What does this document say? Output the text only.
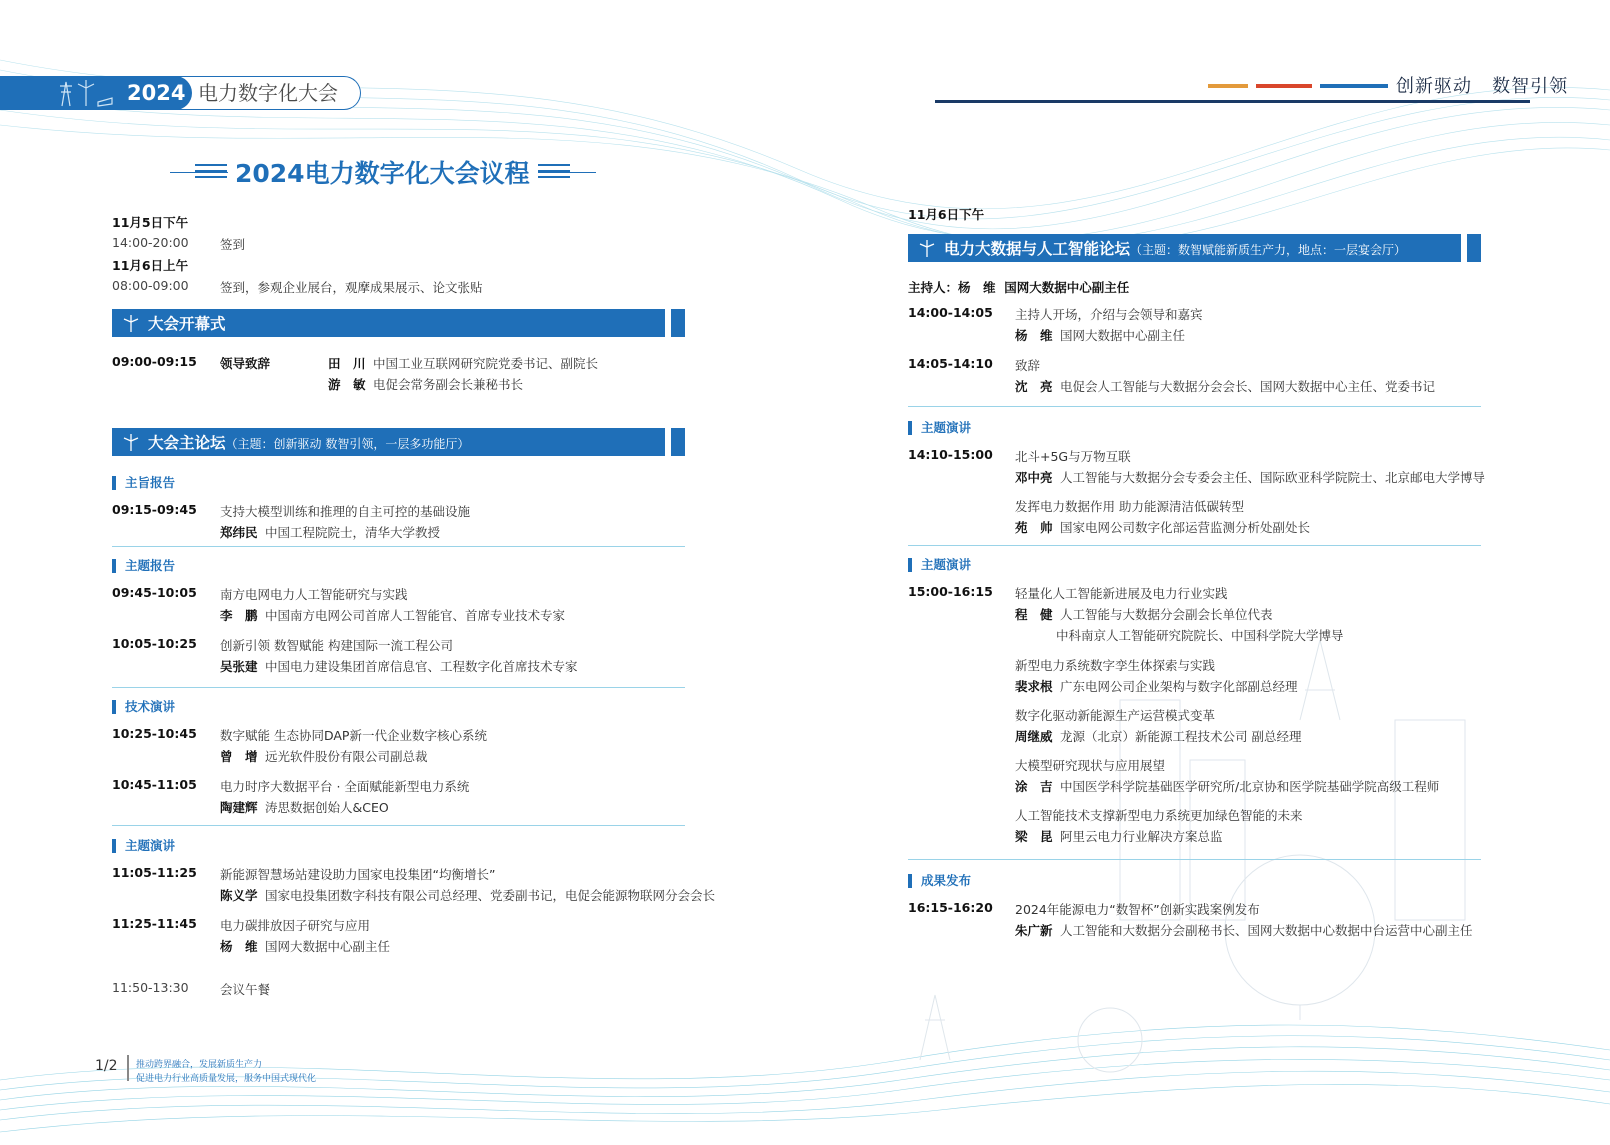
2024 电力数字化大会	创新驱动   数智引领
2024电力数字化大会议程
11月5日下午
14:00-20:00	签到
11月6日上午
08:00-09:00	签到，参观企业展台，观摩成果展示、论文张贴
大会开幕式
09:00-09:15 领导致辞	田　川 中国工业互联网研究院党委书记、副院长
游　敏 电促会常务副会长兼秘书长
大会主论坛（主题：创新驱动 数智引领，一层多功能厅）
主旨报告
09:15-09:45 支持大模型训练和推理的自主可控的基础设施
郑纬民 中国工程院院士，清华大学教授
主题报告
09:45-10:05 南方电网电力人工智能研究与实践
李　鹏 中国南方电网公司首席人工智能官、首席专业技术专家
10:05-10:25 创新引领 数智赋能 构建国际一流工程公司
吴张建 中国电力建设集团首席信息官、工程数字化首席技术专家
技术演讲
10:25-10:45 数字赋能 生态协同DAP新一代企业数字核心系统
曾　增 远光软件股份有限公司副总裁
10:45-11:05 电力时序大数据平台 · 全面赋能新型电力系统
陶建辉 涛思数据创始人&CEO
主题演讲
11:05-11:25 新能源智慧场站建设助力国家电投集团“均衡增长”
陈义学 国家电投集团数字科技有限公司总经理、党委副书记，电促会能源物联网分会会长
11:25-11:45 电力碳排放因子研究与应用
杨　维 国网大数据中心副主任
11:50-13:30	会议午餐
11月6日下午
电力大数据与人工智能论坛（主题：数智赋能新质生产力，地点：一层宴会厅）
主持人：杨　维  国网大数据中心副主任
14:00-14:05 主持人开场，介绍与会领导和嘉宾
杨　维 国网大数据中心副主任
14:05-14:10 致辞
沈　亮 电促会人工智能与大数据分会会长、国网大数据中心主任、党委书记
主题演讲
14:10-15:00 北斗+5G与万物互联
邓中亮 人工智能与大数据分会专委会主任、国际欧亚科学院院士、北京邮电大学博导
发挥电力数据作用 助力能源清洁低碳转型
苑　帅 国家电网公司数字化部运营监测分析处副处长
主题演讲
15:00-16:15 轻量化人工智能新进展及电力行业实践
程　健 人工智能与大数据分会副会长单位代表
中科南京人工智能研究院院长、中国科学院大学博导
新型电力系统数字孪生体探索与实践
裴求根 广东电网公司企业架构与数字化部副总经理
数字化驱动新能源生产运营模式变革
周继威 龙源（北京）新能源工程技术公司 副总经理
大模型研究现状与应用展望
涂　吉 中国医学科学院基础医学研究所/北京协和医学院基础学院高级工程师
人工智能技术支撑新型电力系统更加绿色智能的未来
梁　昆 阿里云电力行业解决方案总监
成果发布
16:15-16:20 2024年能源电力“数智杯”创新实践案例发布
朱广新 人工智能和大数据分会副秘书长、国网大数据中心数据中台运营中心副主任
1/2 推动跨界融合，发展新质生产力
促进电力行业高质量发展，服务中国式现代化
